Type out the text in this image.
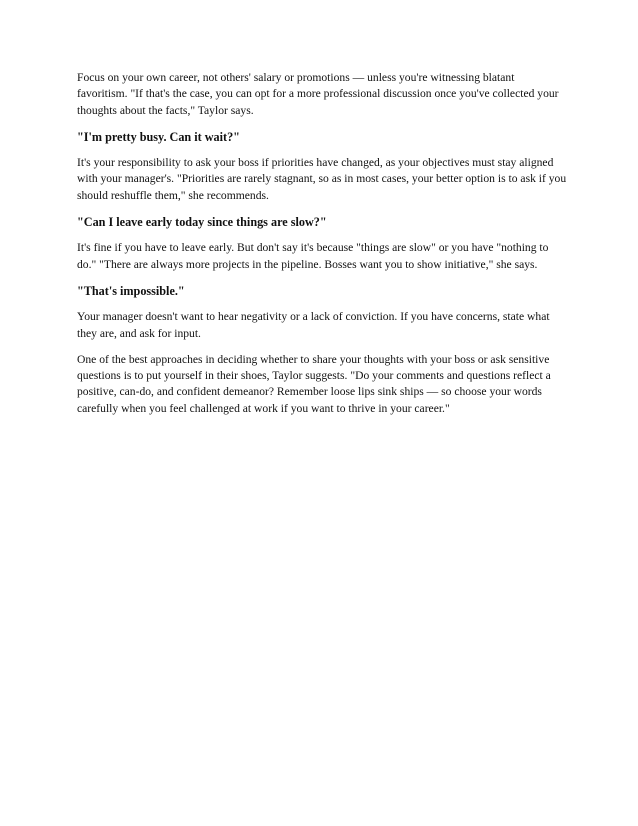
Focus on your own career, not others' salary or promotions — unless you're witnessing blatant favoritism. "If that's the case, you can opt for a more professional discussion once you've collected your thoughts about the facts," Taylor says.

"I'm pretty busy. Can it wait?"

It's your responsibility to ask your boss if priorities have changed, as your objectives must stay aligned with your manager's. "Priorities are rarely stagnant, so as in most cases, your better option is to ask if you should reshuffle them," she recommends.

"Can I leave early today since things are slow?"

It's fine if you have to leave early. But don't say it's because "things are slow" or you have "nothing to do." "There are always more projects in the pipeline. Bosses want you to show initiative," she says.

"That's impossible."

Your manager doesn't want to hear negativity or a lack of conviction. If you have concerns, state what they are, and ask for input.

One of the best approaches in deciding whether to share your thoughts with your boss or ask sensitive questions is to put yourself in their shoes, Taylor suggests. "Do your comments and questions reflect a positive, can-do, and confident demeanor? Remember loose lips sink ships — so choose your words carefully when you feel challenged at work if you want to thrive in your career."
